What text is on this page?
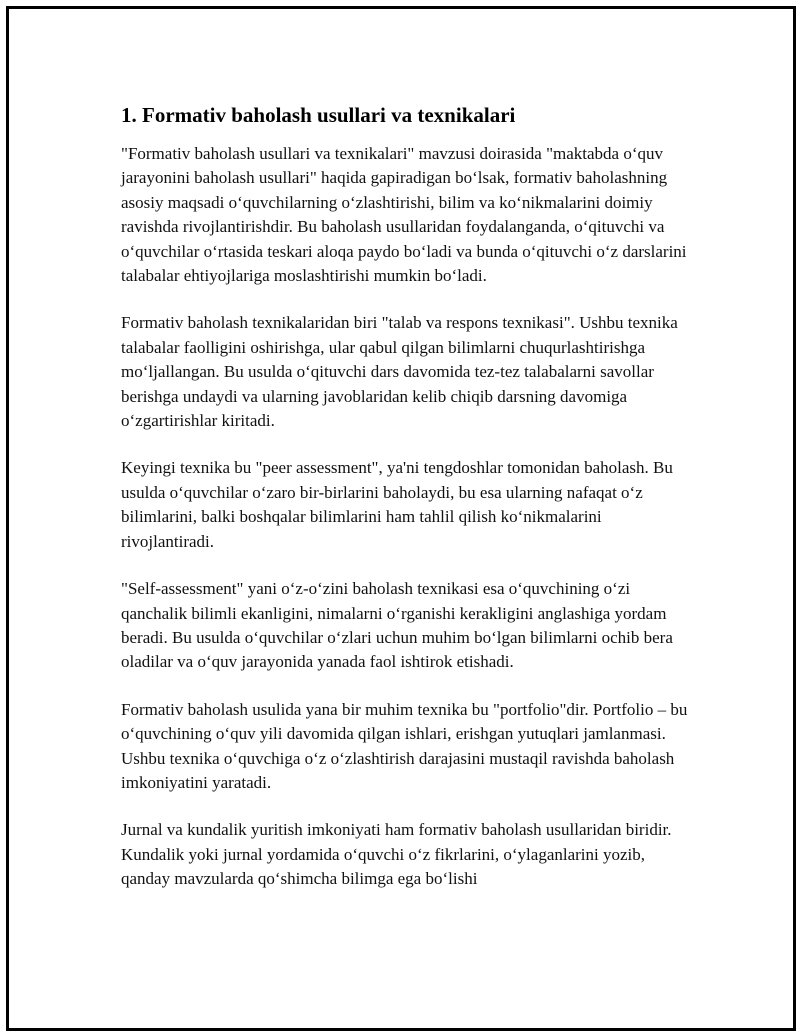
1. Formativ baholash usullari va texnikalari

"Formativ baholash usullari va texnikalari" mavzusi doirasida "maktabda o‘quv jarayonini baholash usullari" haqida gapiradigan bo‘lsak, formativ baholashning asosiy maqsadi o‘quvchilarning o‘zlashtirishi, bilim va ko‘nikmalarini doimiy ravishda rivojlantirishdir. Bu baholash usullaridan foydalanganda, o‘qituvchi va o‘quvchilar o‘rtasida teskari aloqa paydo bo‘ladi va bunda o‘qituvchi o‘z darslarini talabalar ehtiyojlariga moslashtirishi mumkin bo‘ladi.

Formativ baholash texnikalaridan biri "talab va respons texnikasi". Ushbu texnika talabalar faolligini oshirishga, ular qabul qilgan bilimlarni chuqurlashtirishga mo‘ljallangan. Bu usulda o‘qituvchi dars davomida tez-tez talabalarni savollar berishga undaydi va ularning javoblaridan kelib chiqib darsning davomiga o‘zgartirishlar kiritadi.

Keyingi texnika bu "peer assessment", ya'ni tengdoshlar tomonidan baholash. Bu usulda o‘quvchilar o‘zaro bir-birlarini baholaydi, bu esa ularning nafaqat o‘z bilimlarini, balki boshqalar bilimlarini ham tahlil qilish ko‘nikmalarini rivojlantiradi.

"Self-assessment" yani o‘z-o‘zini baholash texnikasi esa o‘quvchining o‘zi qanchalik bilimli ekanligini, nimalarni o‘rganishi kerakligini anglashiga yordam beradi. Bu usulda o‘quvchilar o‘zlari uchun muhim bo‘lgan bilimlarni ochib bera oladilar va o‘quv jarayonida yanada faol ishtirok etishadi.

Formativ baholash usulida yana bir muhim texnika bu "portfolio"dir. Portfolio – bu o‘quvchining o‘quv yili davomida qilgan ishlari, erishgan yutuqlari jamlanmasi. Ushbu texnika o‘quvchiga o‘z o‘zlashtirish darajasini mustaqil ravishda baholash imkoniyatini yaratadi.

Jurnal va kundalik yuritish imkoniyati ham formativ baholash usullaridan biridir. Kundalik yoki jurnal yordamida o‘quvchi o‘z fikrlarini, o‘ylaganlarini yozib, qanday mavzularda qo‘shimcha bilimga ega bo‘lishi
